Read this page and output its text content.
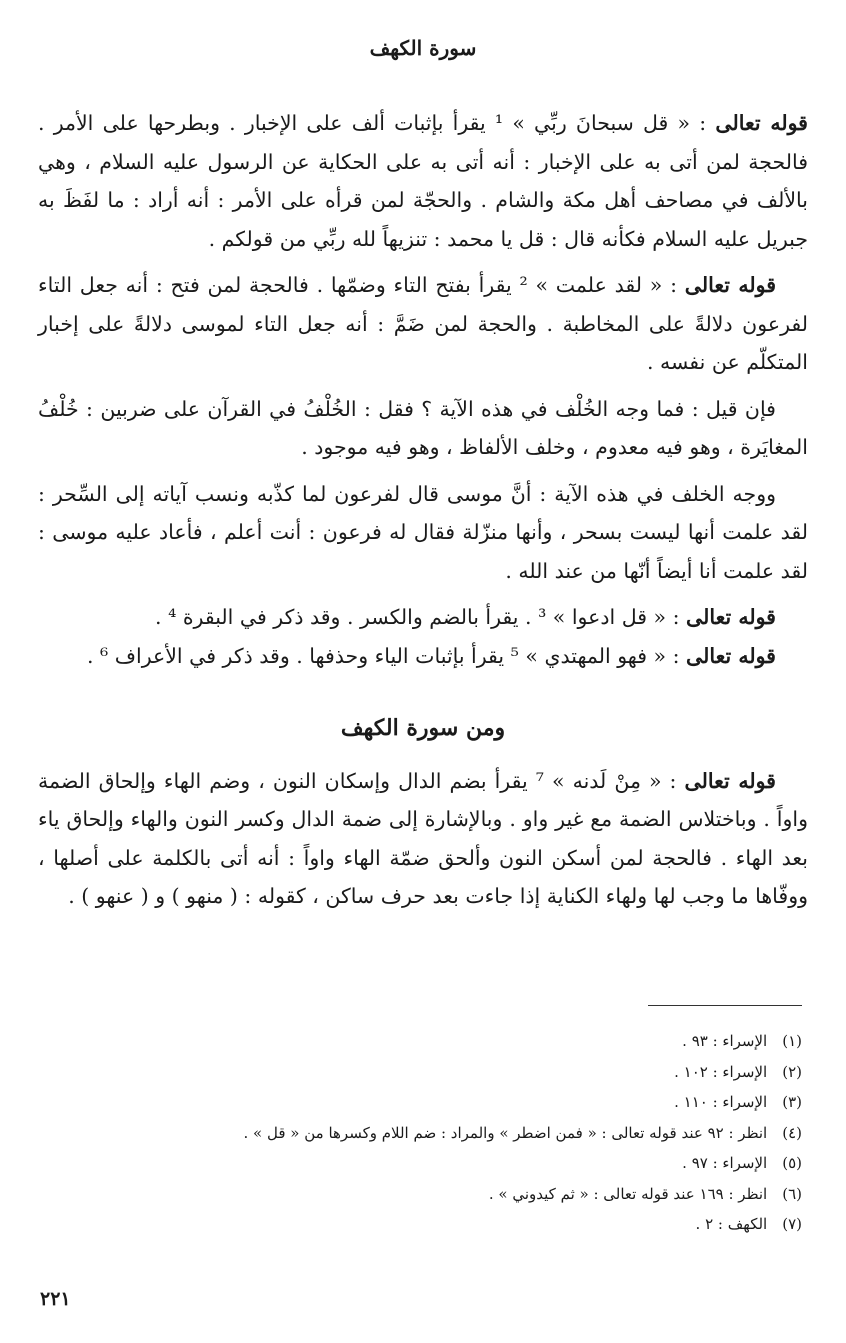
سورة الكهف

قوله تعالى : « قل سبحانَ ربِّي » ¹ يقرأ بإثبات ألف على الإخبار . وبطرحها على الأمر . فالحجة لمن أتى به على الإخبار : أنه أتى به على الحكاية عن الرسول عليه السلام ، وهي بالألف في مصاحف أهل مكة والشام . والحجّة لمن قرأه على الأمر : أنه أراد : ما لفَظَ به جبريل عليه السلام فكأنه قال : قل يا محمد : تنزيهاً لله ربِّي من قولكم .

قوله تعالى : « لقد علمت » ² يقرأ بفتح التاء وضمّها . فالحجة لمن فتح : أنه جعل التاء لفرعون دلالةً على المخاطبة . والحجة لمن ضَمَّ : أنه جعل التاء لموسى دلالةً على إخبار المتكلّم عن نفسه .

فإن قيل : فما وجه الخُلْف في هذه الآية ؟ فقل : الخُلْفُ في القرآن على ضربين : خُلْفُ المغايَرة ، وهو فيه معدوم ، وخلف الألفاظ ، وهو فيه موجود .

ووجه الخلف في هذه الآية : أنَّ موسى قال لفرعون لما كذّبه ونسب آياته إلى السِّحر : لقد علمت أنها ليست بسحر ، وأنها منزّلة فقال له فرعون : أنت أعلم ، فأعاد عليه موسى : لقد علمت أنا أيضاً أنّها من عند الله .

قوله تعالى : « قل ادعوا » ³ . يقرأ بالضم والكسر . وقد ذكر في البقرة ⁴ .

قوله تعالى : « فهو المهتدي » ⁵ يقرأ بإثبات الياء وحذفها . وقد ذكر في الأعراف ⁶ .

ومن سورة الكهف

قوله تعالى : « مِنْ لَدنه » ⁷ يقرأ بضم الدال وإسكان النون ، وضم الهاء وإلحاق الضمة واواً . وباختلاس الضمة مع غير واو . وبالإشارة إلى ضمة الدال وكسر النون والهاء وإلحاق ياء بعد الهاء . فالحجة لمن أسكن النون وألحق ضمّة الهاء واواً : أنه أتى بالكلمة على أصلها ، ووفّاها ما وجب لها ولهاء الكناية إذا جاءت بعد حرف ساكن ، كقوله : ( منهو ) و ( عنهو ) .

(١) الإسراء : ٩٣ .
(٢) الإسراء : ١٠٢ .
(٣) الإسراء : ١١٠ .
(٤) انظر : ٩٢ عند قوله تعالى : « فمن اضطر » والمراد : ضم اللام وكسرها من « قل » .
(٥) الإسراء : ٩٧ .
(٦) انظر : ١٦٩ عند قوله تعالى : « ثم كيدوني » .
(٧) الكهف : ٢ .
٢٢١
